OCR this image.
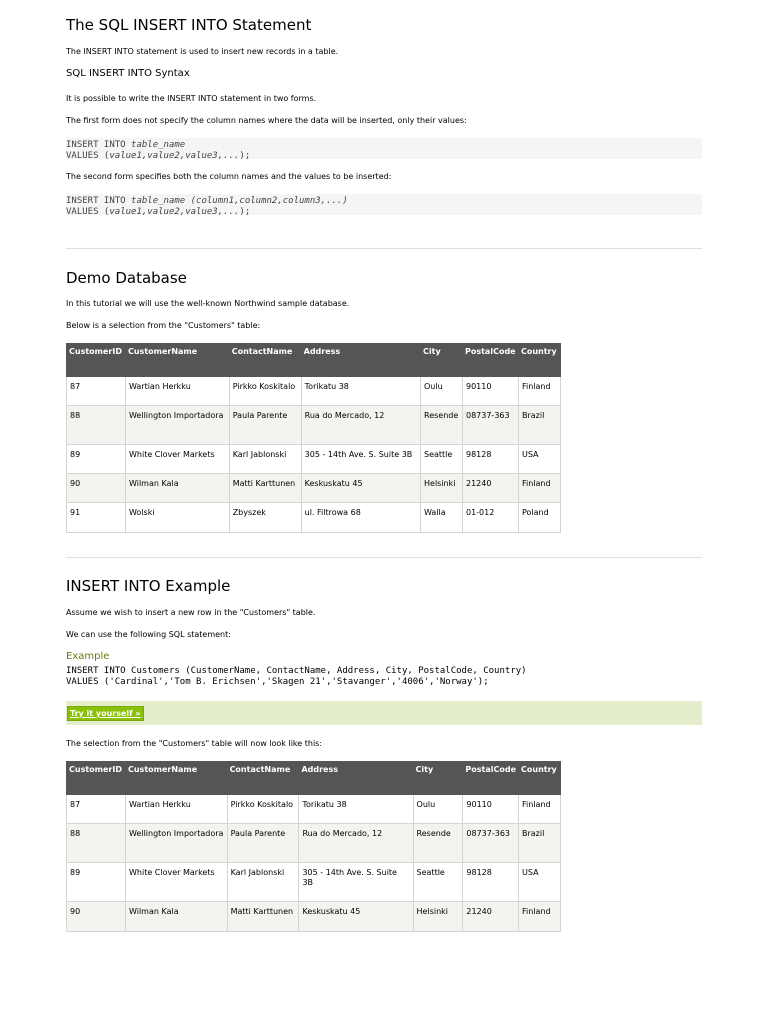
The SQL INSERT INTO Statement

The INSERT INTO statement is used to insert new records in a table.

SQL INSERT INTO Syntax

It is possible to write the INSERT INTO statement in two forms.

The first form does not specify the column names where the data will be inserted, only their values:

INSERT INTO table_name
VALUES (value1,value2,value3,...);

The second form specifies both the column names and the values to be inserted:

INSERT INTO table_name (column1,column2,column3,...)
VALUES (value1,value2,value3,...);
Demo Database

In this tutorial we will use the well-known Northwind sample database.

Below is a selection from the "Customers" table:

CustomerID	CustomerName	ContactName	Address	City	PostalCode	Country
87	Wartian Herkku	Pirkko Koskitalo	Torikatu 38	Oulu	90110	Finland
88	Wellington Importadora	Paula Parente	Rua do Mercado, 12	Resende	08737-363	Brazil
89	White Clover Markets	Karl Jablonski	305 - 14th Ave. S. Suite 3B	Seattle	98128	USA
90	Wilman Kala	Matti Karttunen	Keskuskatu 45	Helsinki	21240	Finland
91	Wolski	Zbyszek	ul. Filtrowa 68	Walla	01-012	Poland
INSERT INTO Example

Assume we wish to insert a new row in the "Customers" table.

We can use the following SQL statement:

Example
INSERT INTO Customers (CustomerName, ContactName, Address, City, PostalCode, Country)
VALUES ('Cardinal','Tom B. Erichsen','Skagen 21','Stavanger','4006','Norway');
Try it yourself »

The selection from the "Customers" table will now look like this:

CustomerID	CustomerName	ContactName	Address	City	PostalCode	Country
87	Wartian Herkku	Pirkko Koskitalo	Torikatu 38	Oulu	90110	Finland
88	Wellington Importadora	Paula Parente	Rua do Mercado, 12	Resende	08737-363	Brazil
89	White Clover Markets	Karl Jablonski	305 - 14th Ave. S. Suite 3B	Seattle	98128	USA
90	Wilman Kala	Matti Karttunen	Keskuskatu 45	Helsinki	21240	Finland
